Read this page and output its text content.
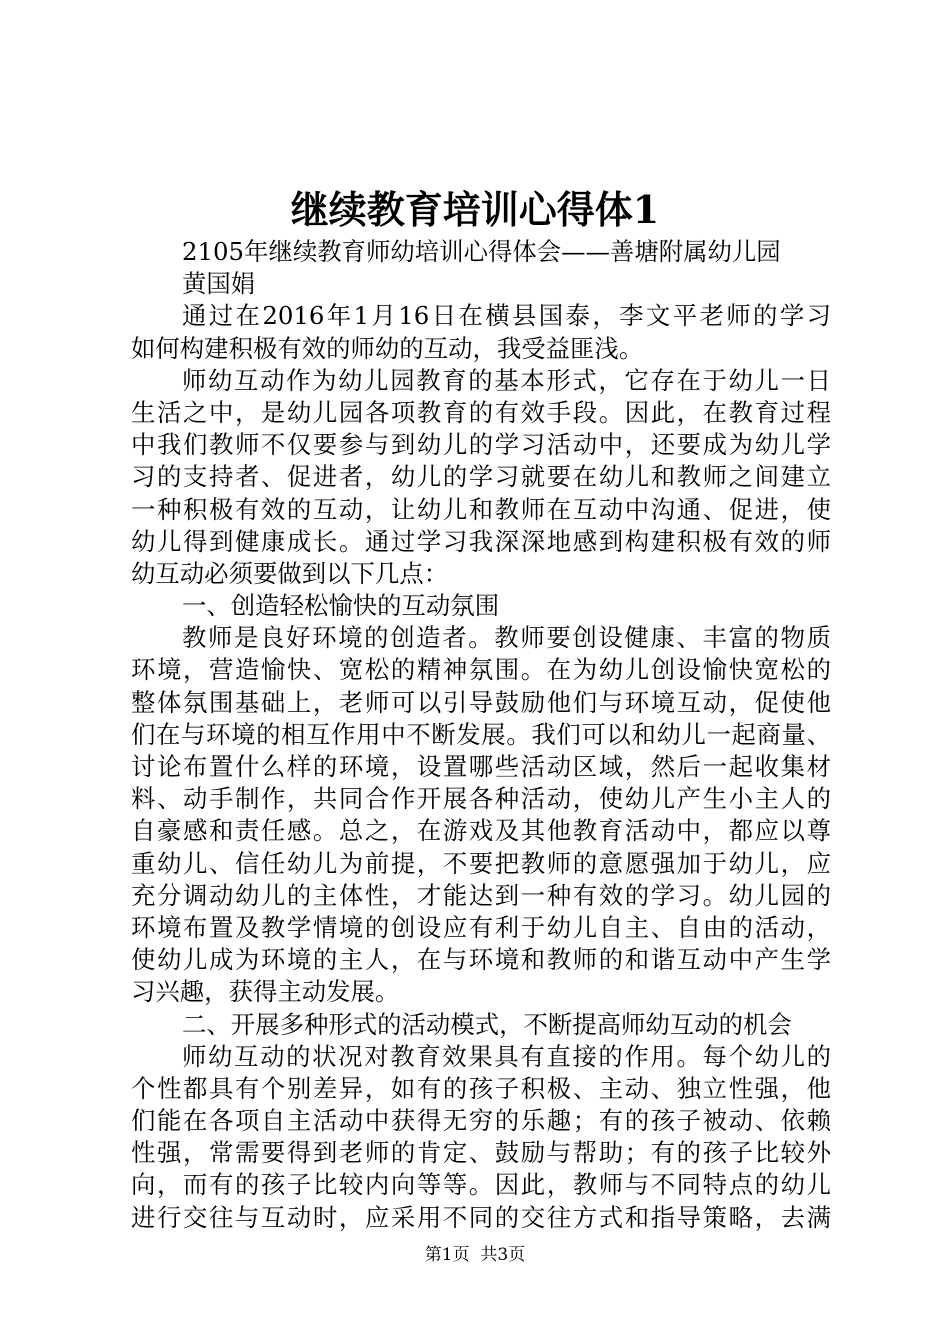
继续教育培训心得体1
2105年继续教育师幼培训心得体会——善塘附属幼儿园
黄国娟
通过在2016年1月16日在横县国泰，李文平老师的学习
如何构建积极有效的师幼的互动，我受益匪浅。
师幼互动作为幼儿园教育的基本形式，它存在于幼儿一日
生活之中，是幼儿园各项教育的有效手段。因此，在教育过程
中我们教师不仅要参与到幼儿的学习活动中，还要成为幼儿学
习的支持者、促进者，幼儿的学习就要在幼儿和教师之间建立
一种积极有效的互动，让幼儿和教师在互动中沟通、促进，使
幼儿得到健康成长。通过学习我深深地感到构建积极有效的师
幼互动必须要做到以下几点：
一、创造轻松愉快的互动氛围
教师是良好环境的创造者。教师要创设健康、丰富的物质
环境，营造愉快、宽松的精神氛围。在为幼儿创设愉快宽松的
整体氛围基础上，老师可以引导鼓励他们与环境互动，促使他
们在与环境的相互作用中不断发展。我们可以和幼儿一起商量、
讨论布置什么样的环境，设置哪些活动区域，然后一起收集材
料、动手制作，共同合作开展各种活动，使幼儿产生小主人的
自豪感和责任感。总之，在游戏及其他教育活动中，都应以尊
重幼儿、信任幼儿为前提，不要把教师的意愿强加于幼儿，应
充分调动幼儿的主体性，才能达到一种有效的学习。幼儿园的
环境布置及教学情境的创设应有利于幼儿自主、自由的活动，
使幼儿成为环境的主人，在与环境和教师的和谐互动中产生学
习兴趣，获得主动发展。
二、开展多种形式的活动模式，不断提高师幼互动的机会
师幼互动的状况对教育效果具有直接的作用。每个幼儿的
个性都具有个别差异，如有的孩子积极、主动、独立性强，他
们能在各项自主活动中获得无穷的乐趣；有的孩子被动、依赖
性强，常需要得到老师的肯定、鼓励与帮助；有的孩子比较外
向，而有的孩子比较内向等等。因此，教师与不同特点的幼儿
进行交往与互动时，应采用不同的交往方式和指导策略，去满
第1页  共3页
